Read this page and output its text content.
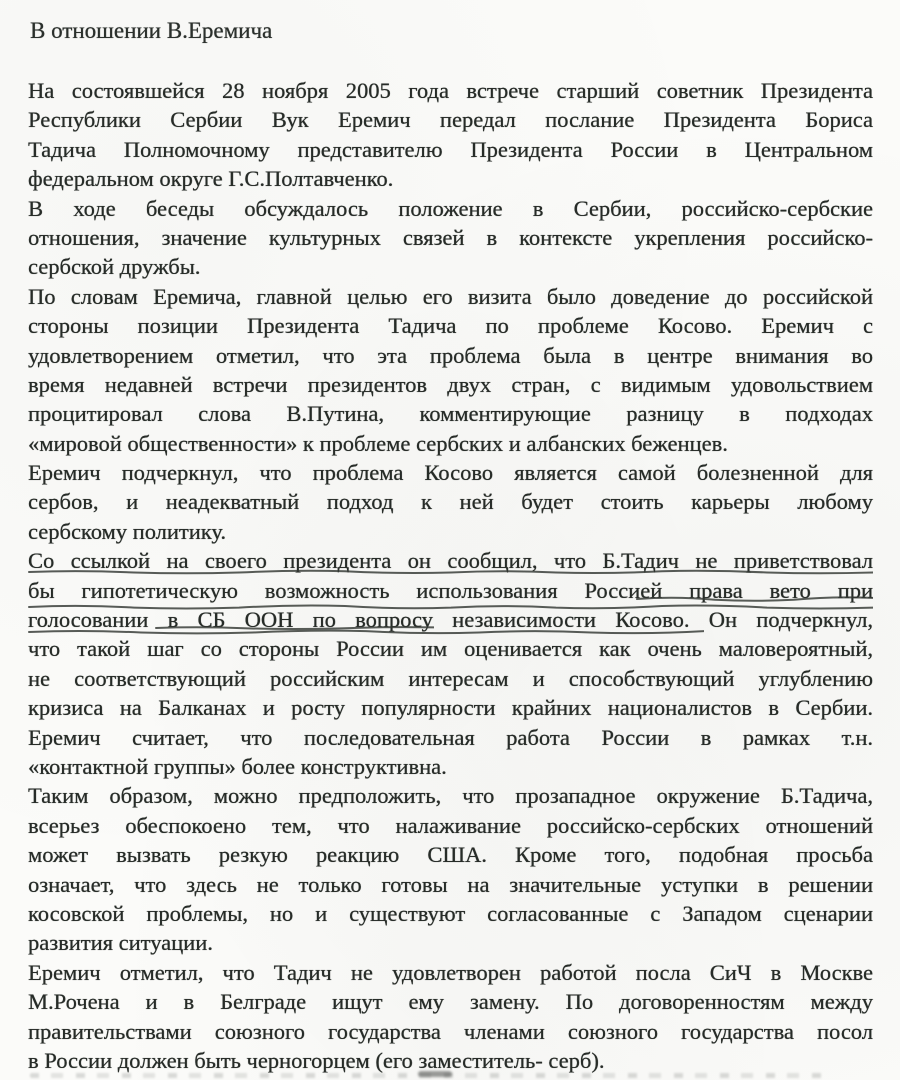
В отношении В.Еремича
На состоявшейся 28 ноября 2005 года встрече старший советник Президента
Республики Сербии Вук Еремич передал послание Президента Бориса
Тадича Полномочному представителю Президента России в Центральном
федеральном округе Г.С.Полтавченко.
В ходе беседы обсуждалось положение в Сербии, российско-сербские
отношения, значение культурных связей в контексте укрепления российско-
сербской дружбы.
По словам Еремича, главной целью его визита было доведение до российской
стороны позиции Президента Тадича по проблеме Косово. Еремич с
удовлетворением отметил, что эта проблема была в центре внимания во
время недавней встречи президентов двух стран, с видимым удовольствием
процитировал слова В.Путина, комментирующие разницу в подходах
«мировой общественности» к проблеме сербских и албанских беженцев.
Еремич подчеркнул, что проблема Косово является самой болезненной для
сербов, и неадекватный подход к ней будет стоить карьеры любому
сербскому политику.
Со ссылкой на своего президента он сообщил, что Б.Тадич не приветствовал
бы гипотетическую возможность использования Россией права вето при
голосовании в СБ ООН по вопросу независимости Косово. Он подчеркнул,
что такой шаг со стороны России им оценивается как очень маловероятный,
не соответствующий российским интересам и способствующий углублению
кризиса на Балканах и росту популярности крайних националистов в Сербии.
Еремич считает, что последовательная работа России в рамках т.н.
«контактной группы» более конструктивна.
Таким образом, можно предположить, что прозападное окружение Б.Тадича,
всерьез обеспокоено тем, что налаживание российско-сербских отношений
может вызвать резкую реакцию США. Кроме того, подобная просьба
означает, что здесь не только готовы на значительные уступки в решении
косовской проблемы, но и существуют согласованные с Западом сценарии
развития ситуации.
Еремич отметил, что Тадич не удовлетворен работой посла СиЧ в Москве
М.Рочена и в Белграде ищут ему замену. По договоренностям между
правительствами союзного государства членами союзного государства посол
в России должен быть черногорцем (его заместитель- серб).
